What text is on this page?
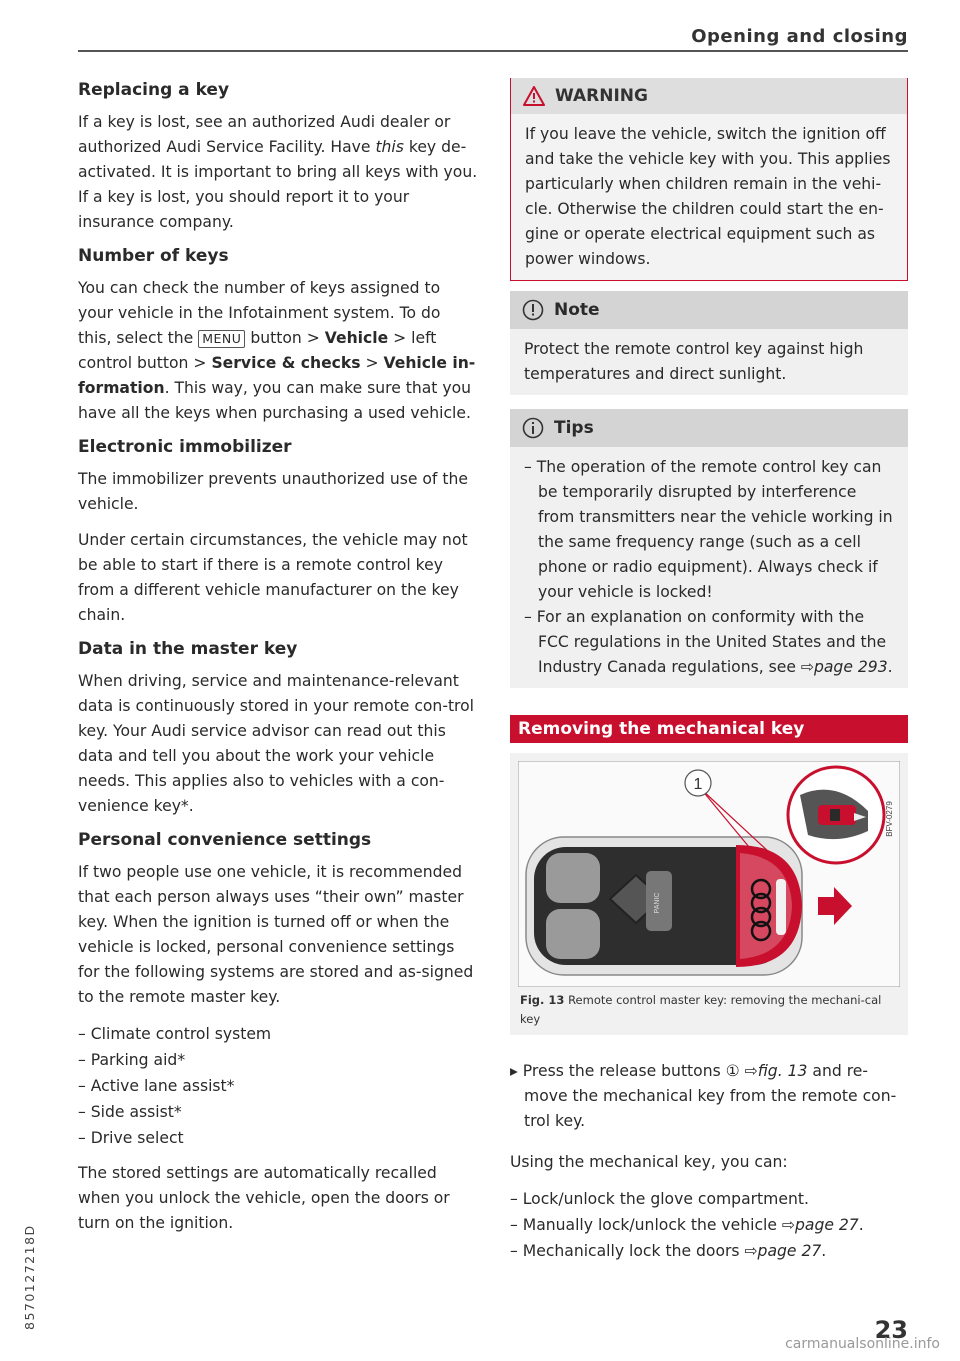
Opening and closing
Replacing a key

If a key is lost, see an authorized Audi dealer or authorized Audi Service Facility. Have this key de-activated. It is important to bring all keys with you. If a key is lost, you should report it to your insurance company.

Number of keys

You can check the number of keys assigned to your vehicle in the Infotainment system. To do this, select the MENU button > Vehicle > left control button > Service & checks > Vehicle in-formation. This way, you can make sure that you have all the keys when purchasing a used vehicle.

Electronic immobilizer

The immobilizer prevents unauthorized use of the vehicle.

Under certain circumstances, the vehicle may not be able to start if there is a remote control key from a different vehicle manufacturer on the key chain.

Data in the master key

When driving, service and maintenance-relevant data is continuously stored in your remote con-trol key. Your Audi service advisor can read out this data and tell you about the work your vehicle needs. This applies also to vehicles with a con-venience key*.

Personal convenience settings

If two people use one vehicle, it is recommended that each person always uses “their own” master key. When the ignition is turned off or when the vehicle is locked, personal convenience settings for the following systems are stored and as-signed to the remote master key.

– Climate control system
– Parking aid*
– Active lane assist*
– Side assist*
– Drive select

The stored settings are automatically recalled when you unlock the vehicle, open the doors or turn on the ignition.

WARNING

If you leave the vehicle, switch the ignition off and take the vehicle key with you. This applies particularly when children remain in the vehi-cle. Otherwise the children could start the en-gine or operate electrical equipment such as power windows.

Note

Protect the remote control key against high temperatures and direct sunlight.

Tips
– The operation of the remote control key can be temporarily disrupted by interference from transmitters near the vehicle working in the same frequency range (such as a cell phone or radio equipment). Always check if your vehicle is locked!
– For an explanation on conformity with the FCC regulations in the United States and the Industry Canada regulations, see ⇨page 293.
Removing the mechanical key
1
BFV-0279
PANIC
Fig. 13 Remote control master key: removing the mechani-cal key
▸ Press the release buttons ① ⇨fig. 13 and re-move the mechanical key from the remote con-trol key.

Using the mechanical key, you can:

– Lock/unlock the glove compartment.
– Manually lock/unlock the vehicle ⇨page 27.
– Mechanically lock the doors ⇨page 27.
8570127218D	23
carmanualsonline.info
